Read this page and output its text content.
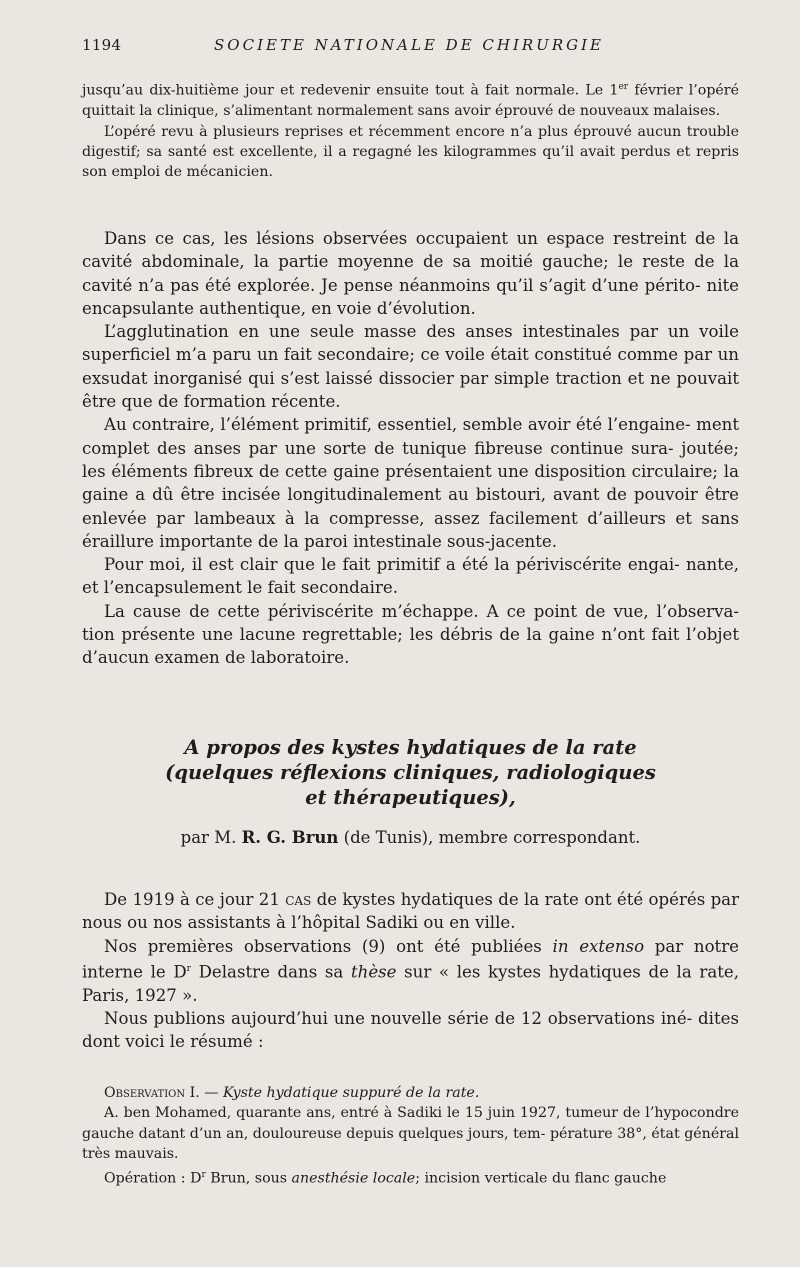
1194	SOCIETE NATIONALE DE CHIRURGIE

jusqu’au dix-huitième jour et redevenir ensuite tout à fait normale. Le 1er février l’opéré quittait la clinique, s’alimentant normalement sans avoir éprouvé de nouveaux malaises.

L’opéré revu à plusieurs reprises et récemment encore n’a plus éprouvé aucun trouble digestif; sa santé est excellente, il a regagné les kilogrammes qu’il avait perdus et repris son emploi de mécanicien.

Dans ce cas, les lésions observées occupaient un espace restreint de la cavité abdominale, la partie moyenne de sa moitié gauche; le reste de la cavité n’a pas été explorée. Je pense néanmoins qu’il s’agit d’une périto- nite encapsulante authentique, en voie d’évolution.

L’agglutination en une seule masse des anses intestinales par un voile superficiel m’a paru un fait secondaire; ce voile était constitué comme par un exsudat inorganisé qui s’est laissé dissocier par simple traction et ne pouvait être que de formation récente.

Au contraire, l’élément primitif, essentiel, semble avoir été l’engaine- ment complet des anses par une sorte de tunique fibreuse continue sura- joutée; les éléments fibreux de cette gaine présentaient une disposition circulaire; la gaine a dû être incisée longitudinalement au bistouri, avant de pouvoir être enlevée par lambeaux à la compresse, assez facilement d’ailleurs et sans éraillure importante de la paroi intestinale sous-jacente.

Pour moi, il est clair que le fait primitif a été la périviscérite engai- nante, et l’encapsulement le fait secondaire.

La cause de cette périviscérite m’échappe. A ce point de vue, l’observa- tion présente une lacune regrettable; les débris de la gaine n’ont fait l’objet d’aucun examen de laboratoire.

A propos des kystes hydatiques de la rate
(quelques réflexions cliniques, radiologiques
et thérapeutiques),
par M. R. G. Brun (de Tunis), membre correspondant.

De 1919 à ce jour 21 cas de kystes hydatiques de la rate ont été opérés par nous ou nos assistants à l’hôpital Sadiki ou en ville.

Nos premières observations (9) ont été publiées in extenso par notre interne le $D^r$ Delastre dans sa thèse sur « les kystes hydatiques de la rate, Paris, 1927 ».

Nous publions aujourd’hui une nouvelle série de 12 observations iné- dites dont voici le résumé :

Observation I. — Kyste hydatique suppuré de la rate.

A. ben Mohamed, quarante ans, entré à Sadiki le 15 juin 1927, tumeur de l’hypocondre gauche datant d’un an, douloureuse depuis quelques jours, tem- pérature 38°, état général très mauvais.

Opération : $D^r$ Brun, sous anesthésie locale; incision verticale du flanc gauche
